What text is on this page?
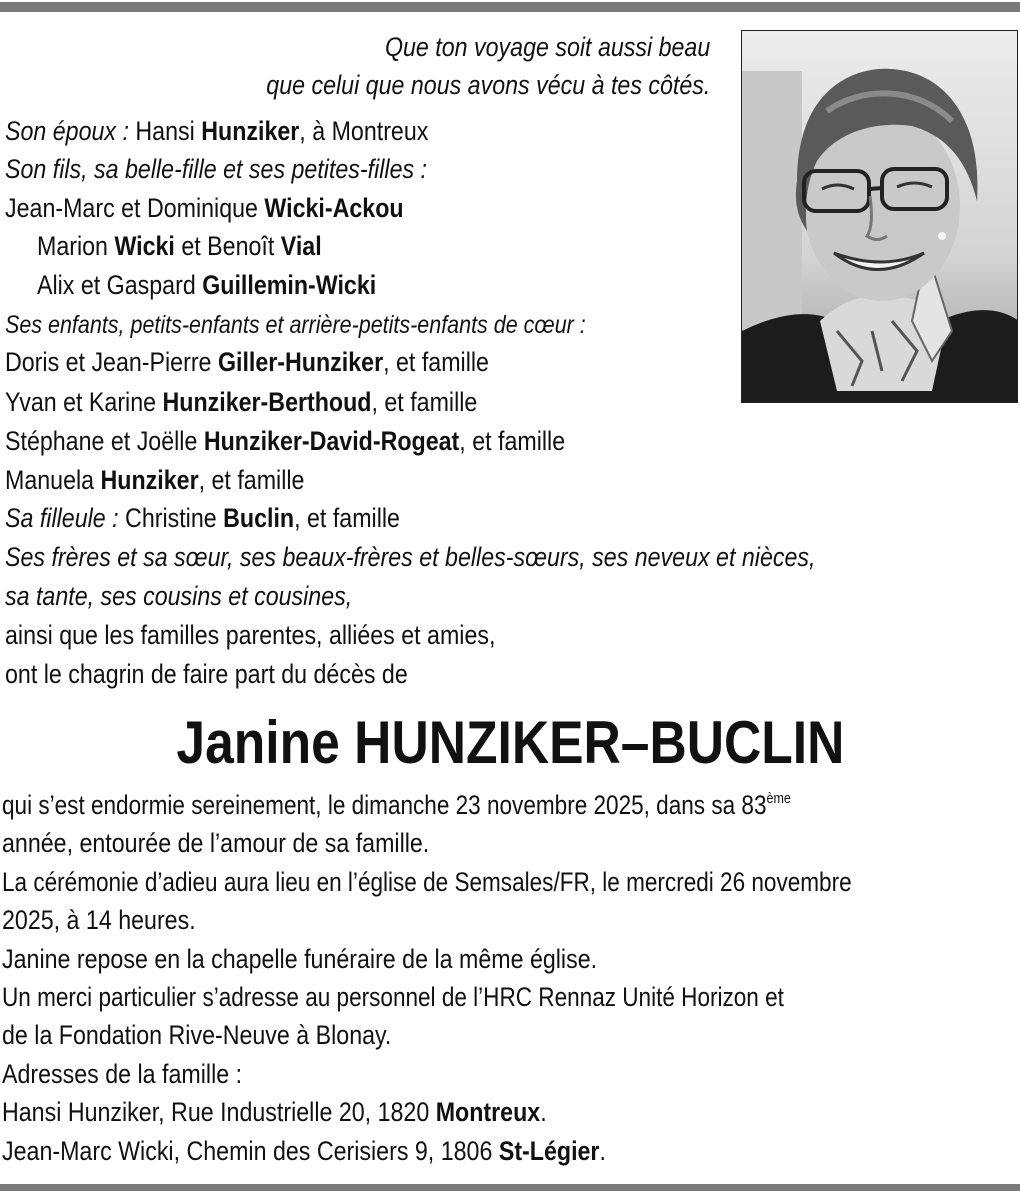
Que ton voyage soit aussi beau
que celui que nous avons vécu à tes côtés.
Son époux : Hansi Hunziker, à Montreux
Son fils, sa belle-fille et ses petites-filles :
Jean-Marc et Dominique Wicki-Ackou
Marion Wicki et Benoît Vial
Alix et Gaspard Guillemin-Wicki
Ses enfants, petits-enfants et arrière-petits-enfants de cœur :
Doris et Jean-Pierre Giller-Hunziker, et famille
Yvan et Karine Hunziker-Berthoud, et famille
Stéphane et Joëlle Hunziker-David-Rogeat, et famille
Manuela Hunziker, et famille
Sa filleule : Christine Buclin, et famille
Ses frères et sa sœur, ses beaux-frères et belles-sœurs, ses neveux et nièces,
sa tante, ses cousins et cousines,
ainsi que les familles parentes, alliées et amies,
ont le chagrin de faire part du décès de
Janine HUNZIKER–BUCLIN
qui s’est endormie sereinement, le dimanche 23 novembre 2025, dans sa 83ème
année, entourée de l’amour de sa famille.
La cérémonie d’adieu aura lieu en l’église de Semsales/FR, le mercredi 26 novembre
2025, à 14 heures.
Janine repose en la chapelle funéraire de la même église.
Un merci particulier s’adresse au personnel de l’HRC Rennaz Unité Horizon et
de la Fondation Rive-Neuve à Blonay.
Adresses de la famille :
Hansi Hunziker, Rue Industrielle 20, 1820 Montreux.
Jean-Marc Wicki, Chemin des Cerisiers 9, 1806 St-Légier.
